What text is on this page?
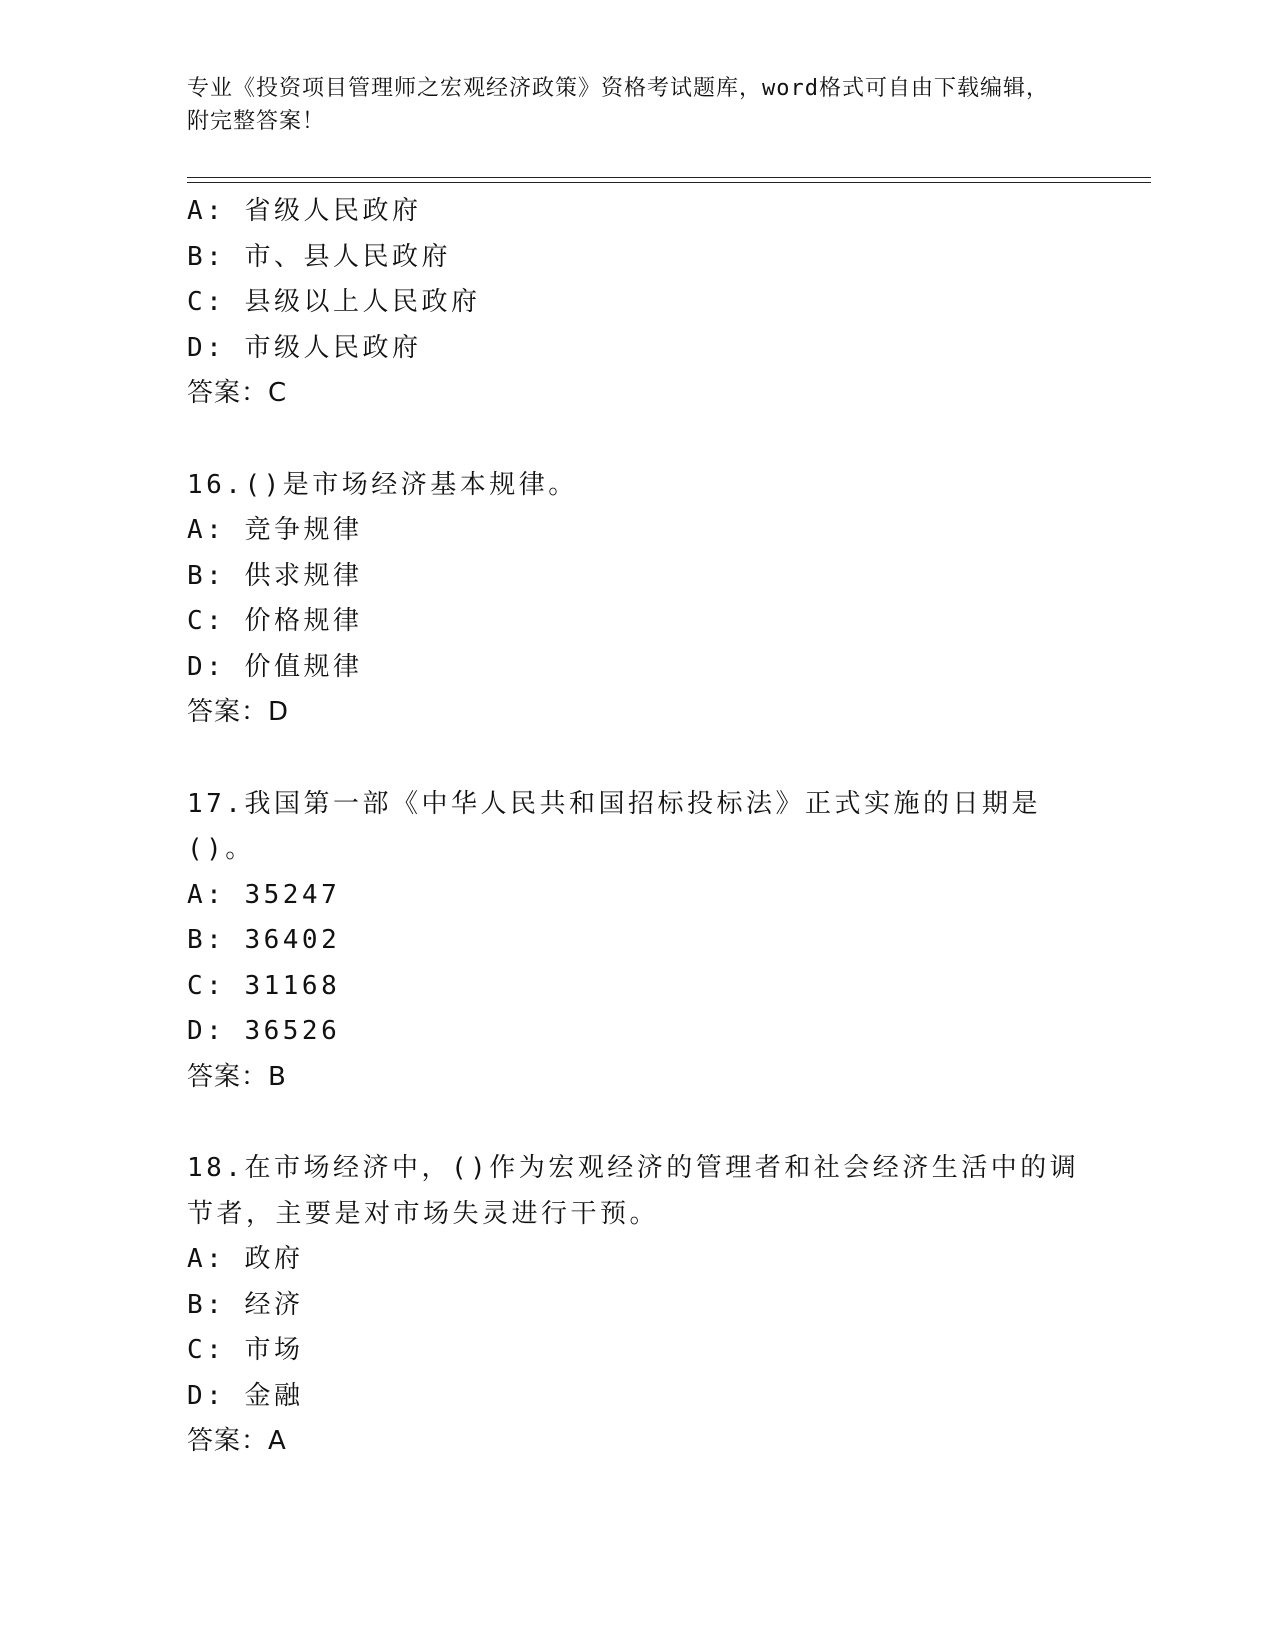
专业《投资项目管理师之宏观经济政策》资格考试题库，word格式可自由下载编辑，附完整答案！
A: 省级人民政府
B: 市、县人民政府
C: 县级以上人民政府
D: 市级人民政府
答案：C
16.()是市场经济基本规律。
A: 竞争规律
B: 供求规律
C: 价格规律
D: 价值规律
答案：D
17.我国第一部《中华人民共和国招标投标法》正式实施的日期是()。
A: 35247
B: 36402
C: 31168
D: 36526
答案：B
18.在市场经济中，()作为宏观经济的管理者和社会经济生活中的调节者，主要是对市场失灵进行干预。
A: 政府
B: 经济
C: 市场
D: 金融
答案：A
